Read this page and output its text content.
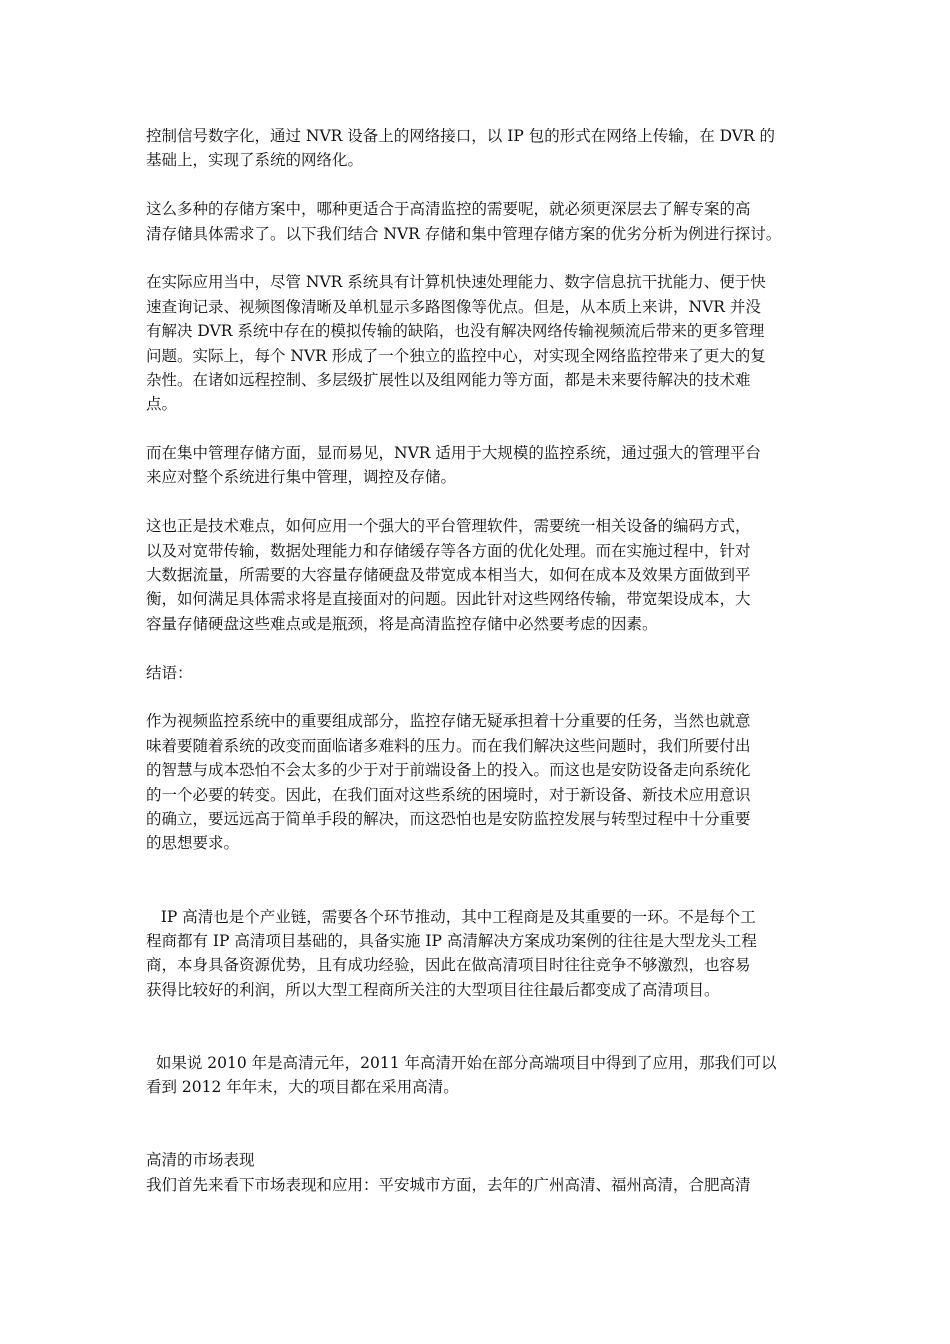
控制信号数字化，通过 NVR 设备上的网络接口，以 IP 包的形式在网络上传输，在 DVR 的
基础上，实现了系统的网络化。
这么多种的存储方案中，哪种更适合于高清监控的需要呢，就必须更深层去了解专案的高
清存储具体需求了。以下我们结合 NVR 存储和集中管理存储方案的优劣分析为例进行探讨。
在实际应用当中，尽管 NVR 系统具有计算机快速处理能力、数字信息抗干扰能力、便于快
速查询记录、视频图像清晰及单机显示多路图像等优点。但是，从本质上来讲，NVR 并没
有解决 DVR 系统中存在的模拟传输的缺陷，也没有解决网络传输视频流后带来的更多管理
问题。实际上，每个 NVR 形成了一个独立的监控中心，对实现全网络监控带来了更大的复
杂性。在诸如远程控制、多层级扩展性以及组网能力等方面，都是未来要待解决的技术难
点。
而在集中管理存储方面，显而易见，NVR 适用于大规模的监控系统，通过强大的管理平台
来应对整个系统进行集中管理，调控及存储。
这也正是技术难点，如何应用一个强大的平台管理软件，需要统一相关设备的编码方式，
以及对宽带传输，数据处理能力和存储缓存等各方面的优化处理。而在实施过程中，针对
大数据流量，所需要的大容量存储硬盘及带宽成本相当大，如何在成本及效果方面做到平
衡，如何满足具体需求将是直接面对的问题。因此针对这些网络传输，带宽架设成本，大
容量存储硬盘这些难点或是瓶颈，将是高清监控存储中必然要考虑的因素。
结语：
作为视频监控系统中的重要组成部分，监控存储无疑承担着十分重要的任务，当然也就意
味着要随着系统的改变而面临诸多难料的压力。而在我们解决这些问题时，我们所要付出
的智慧与成本恐怕不会太多的少于对于前端设备上的投入。而这也是安防设备走向系统化
的一个必要的转变。因此，在我们面对这些系统的困境时，对于新设备、新技术应用意识
的确立，要远远高于简单手段的解决，而这恐怕也是安防监控发展与转型过程中十分重要
的思想要求。
IP 高清也是个产业链，需要各个环节推动，其中工程商是及其重要的一环。不是每个工
程商都有 IP 高清项目基础的，具备实施 IP 高清解决方案成功案例的往往是大型龙头工程
商，本身具备资源优势，且有成功经验，因此在做高清项目时往往竞争不够激烈，也容易
获得比较好的利润，所以大型工程商所关注的大型项目往往最后都变成了高清项目。
如果说 2010 年是高清元年，2011 年高清开始在部分高端项目中得到了应用，那我们可以
看到 2012 年年末，大的项目都在采用高清。
高清的市场表现
我们首先来看下市场表现和应用：平安城市方面，去年的广州高清、福州高清，合肥高清
